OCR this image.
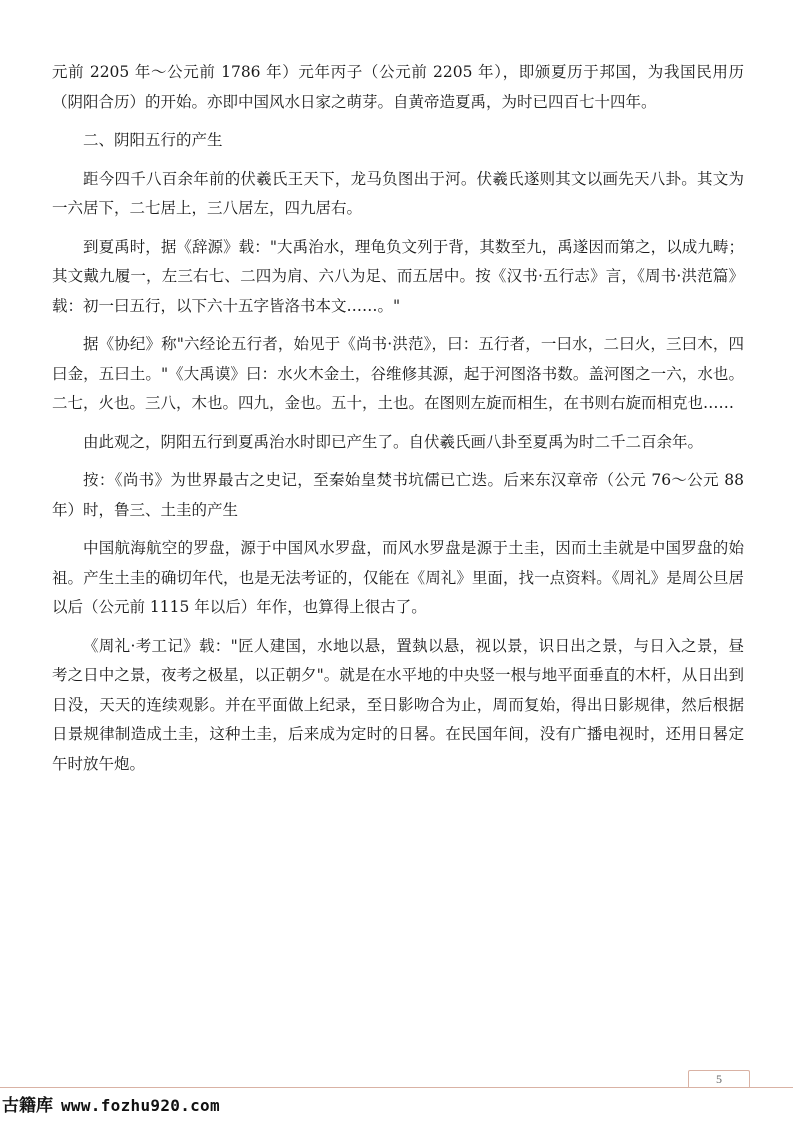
元前 2205 年～公元前 1786 年）元年丙子（公元前 2205 年），即颁夏历于邦国，为我国民用历（阴阳合历）的开始。亦即中国风水日家之萌芽。自黄帝造夏禹，为时已四百七十四年。

二、阴阳五行的产生

距今四千八百余年前的伏羲氏王天下，龙马负图出于河。伏羲氏遂则其文以画先天八卦。其文为一六居下，二七居上，三八居左，四九居右。

到夏禹时，据《辞源》载："大禹治水，理龟负文列于背，其数至九，禹遂因而第之，以成九畴；其文戴九履一，左三右七、二四为肩、六八为足、而五居中。按《汉书·五行志》言，《周书·洪范篇》载：初一曰五行，以下六十五字皆洛书本文……。"

据《协纪》称"六经论五行者，始见于《尚书·洪范》，曰：五行者，一曰水，二曰火，三曰木，四曰金，五曰土。"《大禹谟》曰：水火木金土，谷维修其源，起于河图洛书数。盖河图之一六，水也。二七，火也。三八，木也。四九，金也。五十，土也。在图则左旋而相生，在书则右旋而相克也……

由此观之，阴阳五行到夏禹治水时即已产生了。自伏羲氏画八卦至夏禹为时二千二百余年。

按：《尚书》为世界最古之史记，至秦始皇焚书坑儒已亡迭。后来东汉章帝（公元 76～公元 88 年）时，鲁三、土圭的产生

中国航海航空的罗盘，源于中国风水罗盘，而风水罗盘是源于土圭，因而土圭就是中国罗盘的始祖。产生土圭的确切年代，也是无法考证的，仅能在《周礼》里面，找一点资料。《周礼》是周公旦居以后（公元前 1115 年以后）年作，也算得上很古了。

《周礼·考工记》载："匠人建国，水地以悬，置埶以悬，视以景，识日出之景，与日入之景，昼考之日中之景，夜考之极星，以正朝夕"。就是在水平地的中央竖一根与地平面垂直的木杆，从日出到日没，天天的连续观影。并在平面做上纪录，至日影吻合为止，周而复始，得出日影规律，然后根据日景规律制造成土圭，这种土圭，后来成为定时的日晷。在民国年间，没有广播电视时，还用日晷定午时放午炮。

5
古籍库 www.fozhu920.com
